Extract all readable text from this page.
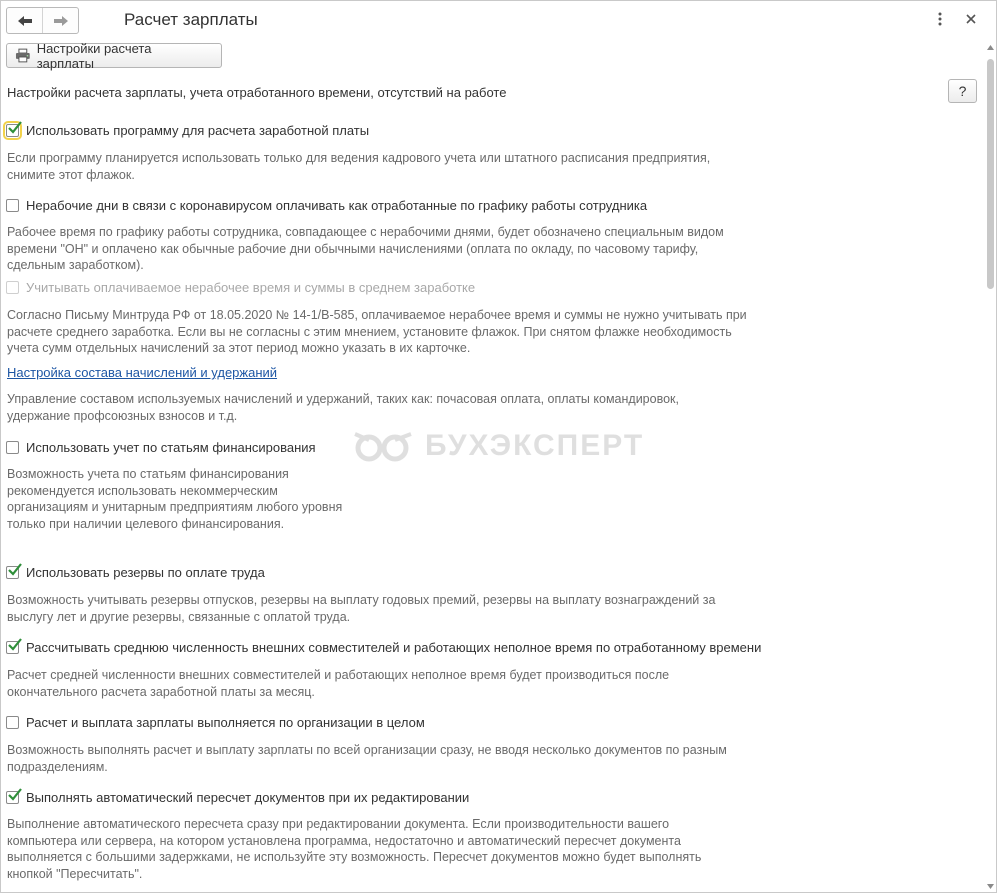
Расчет зарплаты
Настройки расчета зарплаты
Настройки расчета зарплаты, учета отработанного времени, отсутствий на работе	?
Использовать программу для расчета заработной платы
Если программу планируется использовать только для ведения кадрового учета или штатного расписания предприятия, снимите этот флажок.
Нерабочие дни в связи с коронавирусом оплачивать как отработанные по графику работы сотрудника
Рабочее время по графику работы сотрудника, совпадающее с нерабочими днями, будет обозначено специальным видом времени "ОН" и оплачено как обычные рабочие дни обычными начислениями (оплата по окладу, по часовому тарифу, сдельным заработком).
Учитывать оплачиваемое нерабочее время и суммы в среднем заработке
Согласно Письму Минтруда РФ от 18.05.2020 № 14-1/В-585, оплачиваемое нерабочее время и суммы не нужно учитывать при расчете среднего заработка. Если вы не согласны с этим мнением, установите флажок. При снятом флажке необходимость учета сумм отдельных начислений за этот период можно указать в их карточке.
Настройка состава начислений и удержаний
Управление составом используемых начислений и удержаний, таких как: почасовая оплата, оплаты командировок, удержание профсоюзных взносов и т.д.
БУХЭКСПЕРТ
Использовать учет по статьям финансирования
Возможность учета по статьям финансирования рекомендуется использовать некоммерческим организациям и унитарным предприятиям любого уровня только при наличии целевого финансирования.
Использовать резервы по оплате труда
Возможность учитывать резервы отпусков, резервы на выплату годовых премий, резервы на выплату вознаграждений за выслугу лет и другие резервы, связанные с оплатой труда.
Рассчитывать среднюю численность внешних совместителей и работающих неполное время по отработанному времени
Расчет средней численности внешних совместителей и работающих неполное время будет производиться после окончательного расчета заработной платы за месяц.
Расчет и выплата зарплаты выполняется по организации в целом
Возможность выполнять расчет и выплату зарплаты по всей организации сразу, не вводя несколько документов по разным подразделениям.
Выполнять автоматический пересчет документов при их редактировании
Выполнение автоматического пересчета сразу при редактировании документа. Если производительности вашего компьютера или сервера, на котором установлена программа, недостаточно и автоматический пересчет документа выполняется с большими задержками, не используйте эту возможность. Пересчет документов можно будет выполнять кнопкой "Пересчитать".
